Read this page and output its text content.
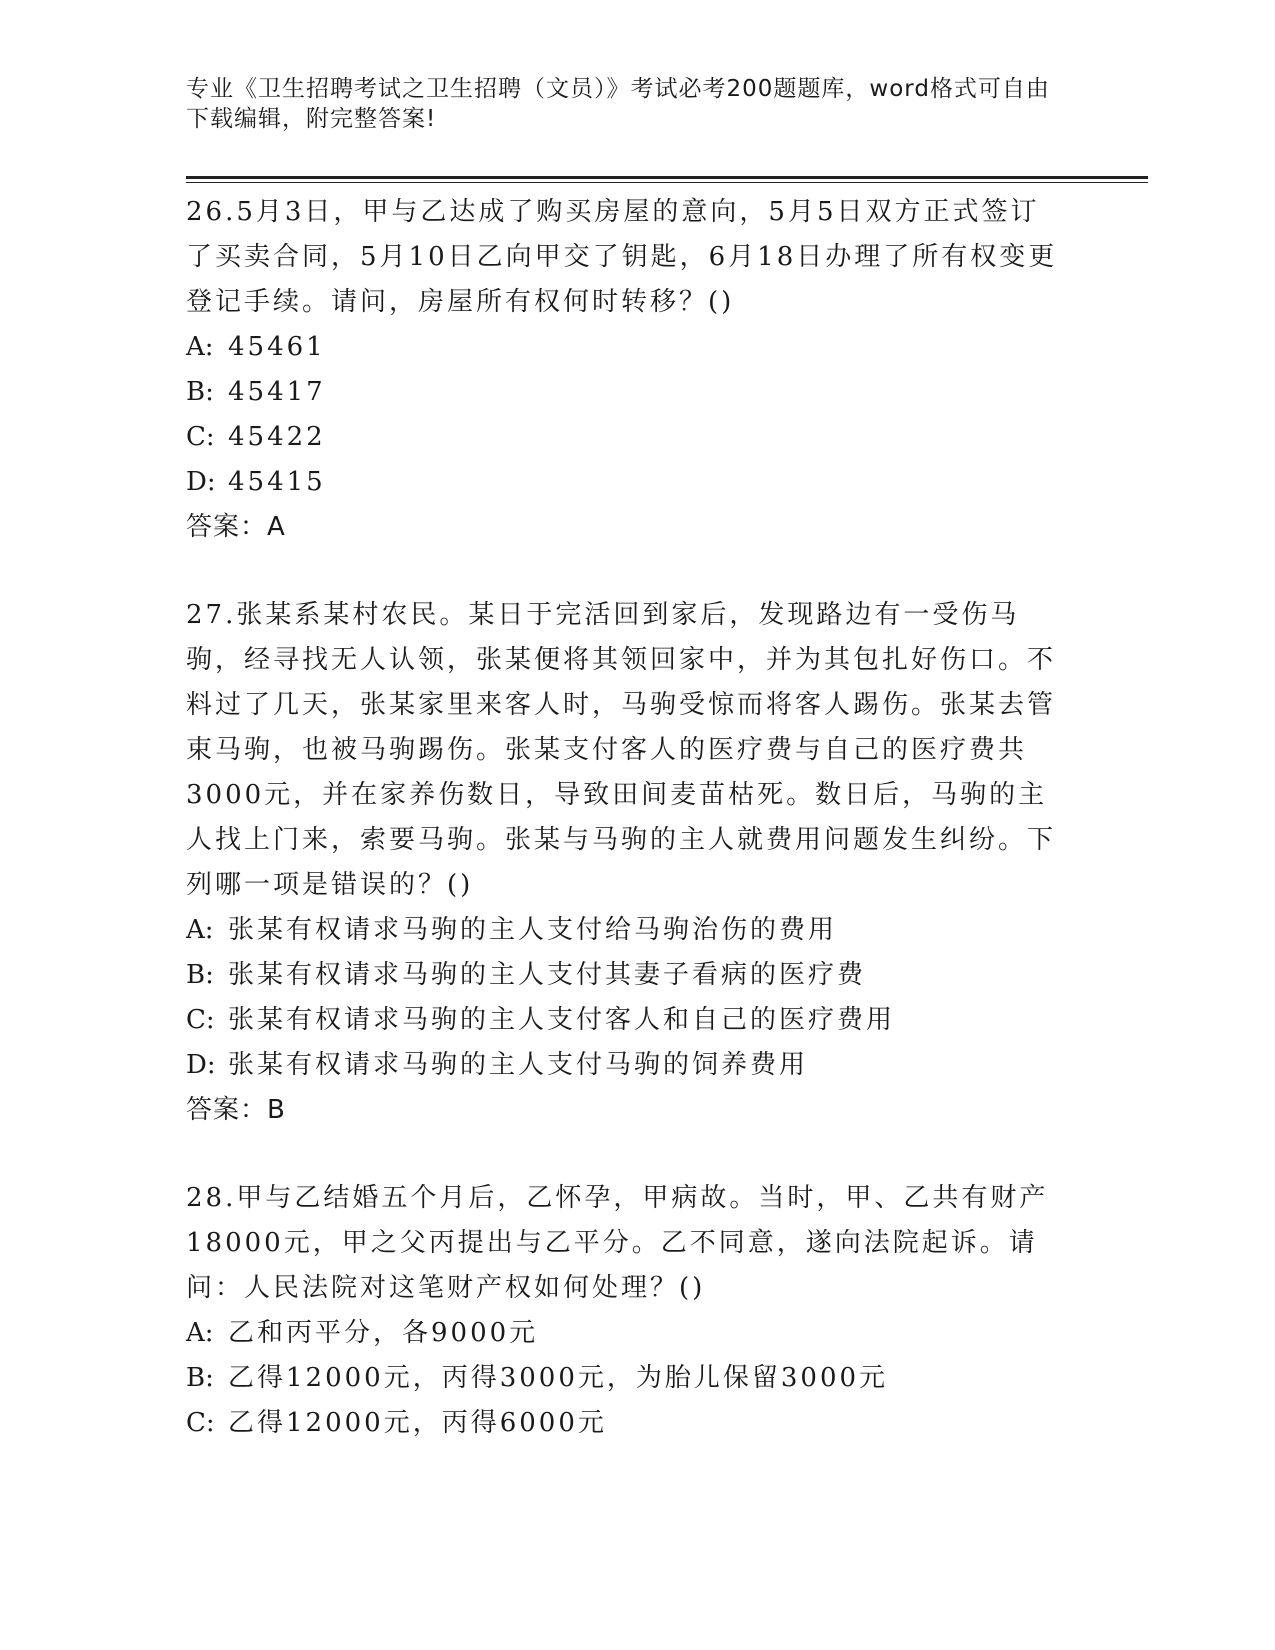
专业《卫生招聘考试之卫生招聘（文员）》考试必考200题题库，word格式可自由下载编辑，附完整答案!

26.5月3日，甲与乙达成了购买房屋的意向，5月5日双方正式签订了买卖合同，5月10日乙向甲交了钥匙，6月18日办理了所有权变更登记手续。请问，房屋所有权何时转移？()

A: 45461

B: 45417

C: 45422

D: 45415

答案：A

27.张某系某村农民。某日于完活回到家后，发现路边有一受伤马驹，经寻找无人认领，张某便将其领回家中，并为其包扎好伤口。不料过了几天，张某家里来客人时，马驹受惊而将客人踢伤。张某去管束马驹，也被马驹踢伤。张某支付客人的医疗费与自己的医疗费共3000元，并在家养伤数日，导致田间麦苗枯死。数日后，马驹的主人找上门来，索要马驹。张某与马驹的主人就费用问题发生纠纷。下列哪一项是错误的？()

A: 张某有权请求马驹的主人支付给马驹治伤的费用

B: 张某有权请求马驹的主人支付其妻子看病的医疗费

C: 张某有权请求马驹的主人支付客人和自己的医疗费用

D: 张某有权请求马驹的主人支付马驹的饲养费用

答案：B

28.甲与乙结婚五个月后，乙怀孕，甲病故。当时，甲、乙共有财产18000元，甲之父丙提出与乙平分。乙不同意，遂向法院起诉。请问：人民法院对这笔财产权如何处理？()

A: 乙和丙平分，各9000元

B: 乙得12000元，丙得3000元，为胎儿保留3000元

C: 乙得12000元，丙得6000元
